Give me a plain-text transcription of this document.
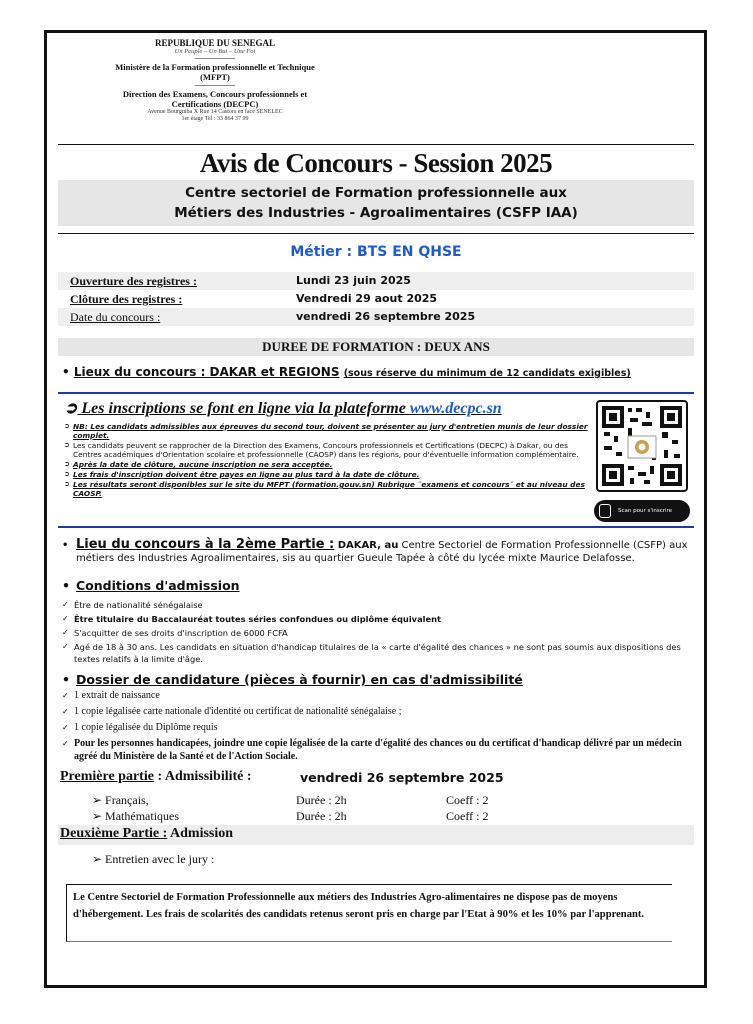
REPUBLIQUE DU SENEGAL
Un Peuple – Un But – Une Foi
Ministère de la Formation professionnelle et Technique (MFPT)
Direction des Examens, Concours professionnels et Certifications (DECPC)
Avenue Bourguiba X Rue 14 Castors en face SENELEC
1er étage Tel : 33 864 37 99
Avis de Concours - Session 2025
Centre sectoriel de Formation professionnelle aux
Métiers des Industries - Agroalimentaires (CSFP IAA)
Métier : BTS EN QHSE
Ouverture des registres :	Lundi 23 juin 2025
Clôture des registres :	Vendredi 29 aout 2025
Date du concours :	vendredi 26 septembre 2025
DUREE DE FORMATION : DEUX ANS
• Lieux du concours : DAKAR et REGIONS (sous réserve du minimum de 12 candidats exigibles)
➲ Les inscriptions se font en ligne via la plateforme www.decpc.sn
➲ NB: Les candidats admissibles aux épreuves du second tour, doivent se présenter au jury d'entretien munis de leur dossier complet.
➲ Les candidats peuvent se rapprocher de la Direction des Examens, Concours professionnels et Certifications (DECPC) à Dakar, ou des Centres académiques d'Orientation scolaire et professionnelle (CAOSP) dans les régions, pour d'éventuelle information complémentaire.
➲ Après la date de clôture, aucune inscription ne sera acceptée.
➲ Les frais d'inscription doivent être payes en ligne au plus tard à la date de clôture.
➲ Les résultats seront disponibles sur le site du MFPT (formation.gouv.sn) Rubrique ¨examens et concours¨ et au niveau des CAOSP.
Scan pour s'inscrire
• Lieu du concours à la 2ème Partie : DAKAR, au Centre Sectoriel de Formation Professionnelle (CSFP) aux métiers des Industries Agroalimentaires, sis au quartier Gueule Tapée à côté du lycée mixte Maurice Delafosse.
• Conditions d'admission
✓ Être de nationalité sénégalaise
✓ Être titulaire du Baccalauréat toutes séries confondues ou diplôme équivalent
✓ S'acquitter de ses droits d'inscription de 6000 FCFA
✓ Agé de 18 à 30 ans. Les candidats en situation d'handicap titulaires de la « carte d'égalité des chances » ne sont pas soumis aux dispositions des textes relatifs à la limite d'âge.
• Dossier de candidature (pièces à fournir) en cas d'admissibilité
✓ 1 extrait de naissance
✓ 1 copie légalisée carte nationale d'identité ou certificat de nationalité sénégalaise ;
✓ 1 copie légalisée du Diplôme requis
✓ Pour les personnes handicapées, joindre une copie légalisée de la carte d'égalité des chances ou du certificat d'handicap délivré par un médecin agréé du Ministère de la Santé et de l'Action Sociale.
Première partie : Admissibilité :	vendredi 26 septembre 2025
➢ Français,	Durée : 2h	Coeff : 2
➢ Mathématiques	Durée : 2h	Coeff : 2
Deuxième Partie : Admission
➢ Entretien avec le jury :
Le Centre Sectoriel de Formation Professionnelle aux métiers des Industries Agro-alimentaires ne dispose pas de moyens d'hébergement. Les frais de scolarités des candidats retenus seront pris en charge par l'Etat à 90% et les 10% par l'apprenant.
